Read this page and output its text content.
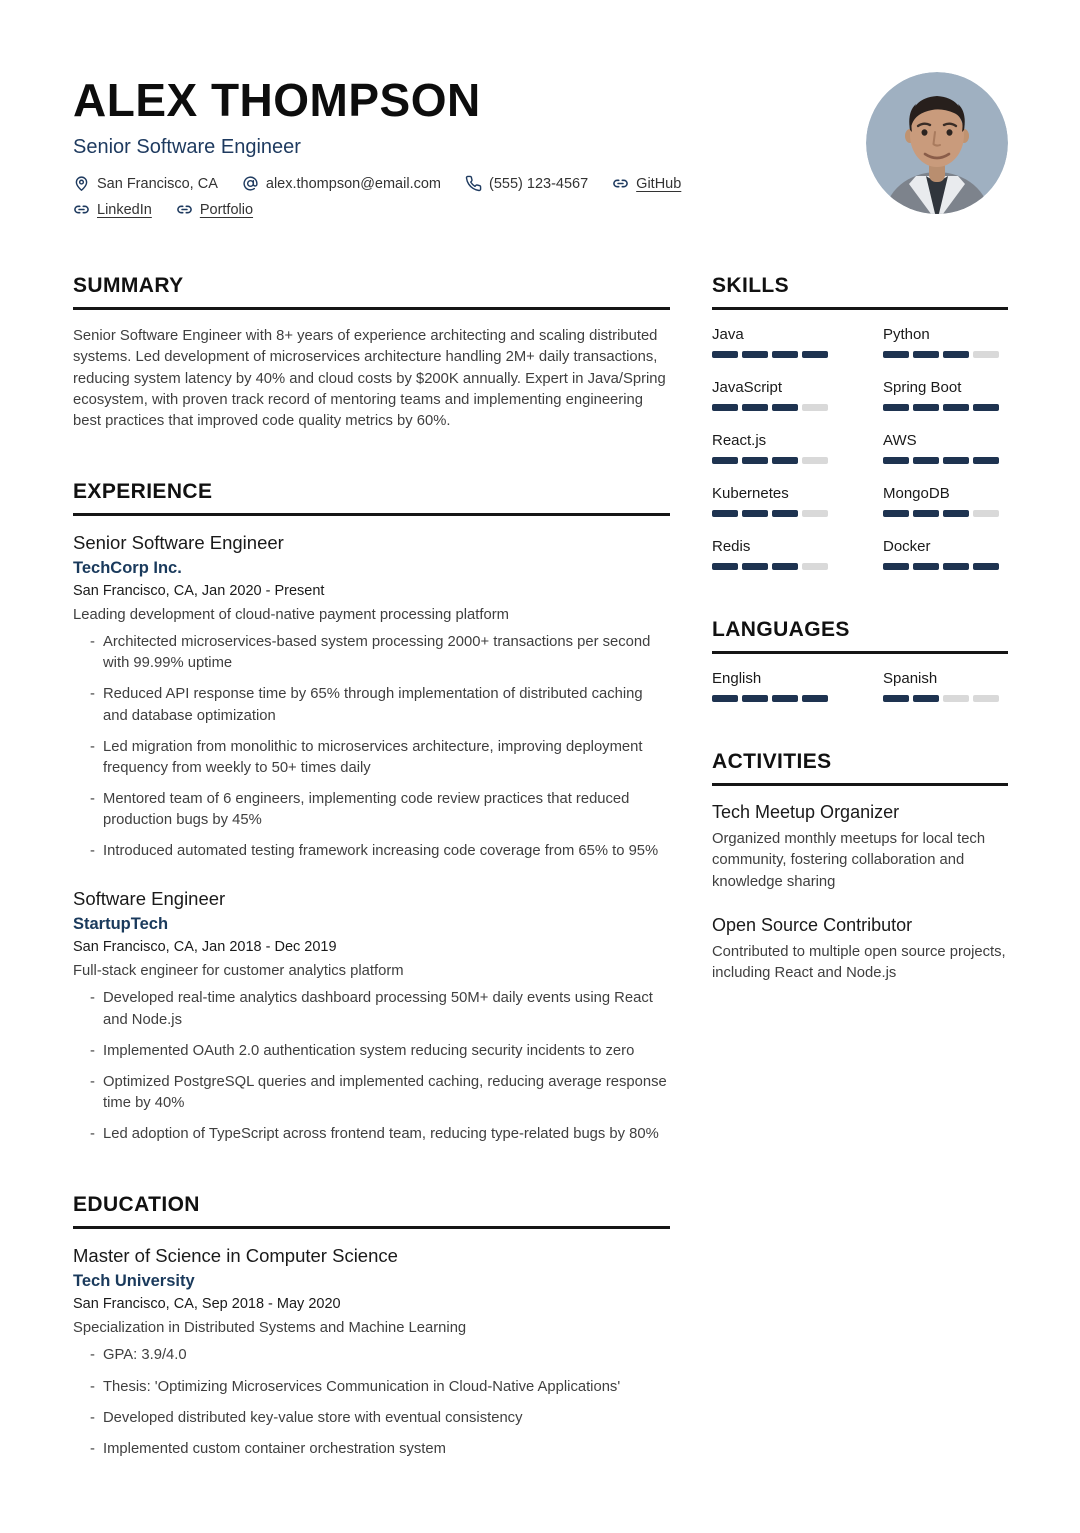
ALEX THOMPSON
Senior Software Engineer
San Francisco, CA	alex.thompson@email.com	(555) 123-4567	GitHub
LinkedIn	Portfolio
SUMMARY

Senior Software Engineer with 8+ years of experience architecting and scaling distributed systems. Led development of microservices architecture handling 2M+ daily transactions, reducing system latency by 40% and cloud costs by $200K annually. Expert in Java/Spring ecosystem, with proven track record of mentoring teams and implementing engineering best practices that improved code quality metrics by 60%.

EXPERIENCE
Senior Software Engineer
TechCorp Inc.
San Francisco, CA, Jan 2020 - Present
Leading development of cloud-native payment processing platform
- Architected microservices-based system processing 2000+ transactions per second with 99.99% uptime
- Reduced API response time by 65% through implementation of distributed caching and database optimization
- Led migration from monolithic to microservices architecture, improving deployment frequency from weekly to 50+ times daily
- Mentored team of 6 engineers, implementing code review practices that reduced production bugs by 45%
- Introduced automated testing framework increasing code coverage from 65% to 95%
Software Engineer
StartupTech
San Francisco, CA, Jan 2018 - Dec 2019
Full-stack engineer for customer analytics platform
- Developed real-time analytics dashboard processing 50M+ daily events using React and Node.js
- Implemented OAuth 2.0 authentication system reducing security incidents to zero
- Optimized PostgreSQL queries and implemented caching, reducing average response time by 40%
- Led adoption of TypeScript across frontend team, reducing type-related bugs by 80%
EDUCATION
Master of Science in Computer Science
Tech University
San Francisco, CA, Sep 2018 - May 2020
Specialization in Distributed Systems and Machine Learning
- GPA: 3.9/4.0
- Thesis: 'Optimizing Microservices Communication in Cloud-Native Applications'
- Developed distributed key-value store with eventual consistency
- Implemented custom container orchestration system
SKILLS
Java	Python
JavaScript	Spring Boot
React.js	AWS
Kubernetes	MongoDB
Redis	Docker
LANGUAGES
English	Spanish
ACTIVITIES
Tech Meetup Organizer
Organized monthly meetups for local tech community, fostering collaboration and knowledge sharing
Open Source Contributor
Contributed to multiple open source projects, including React and Node.js
